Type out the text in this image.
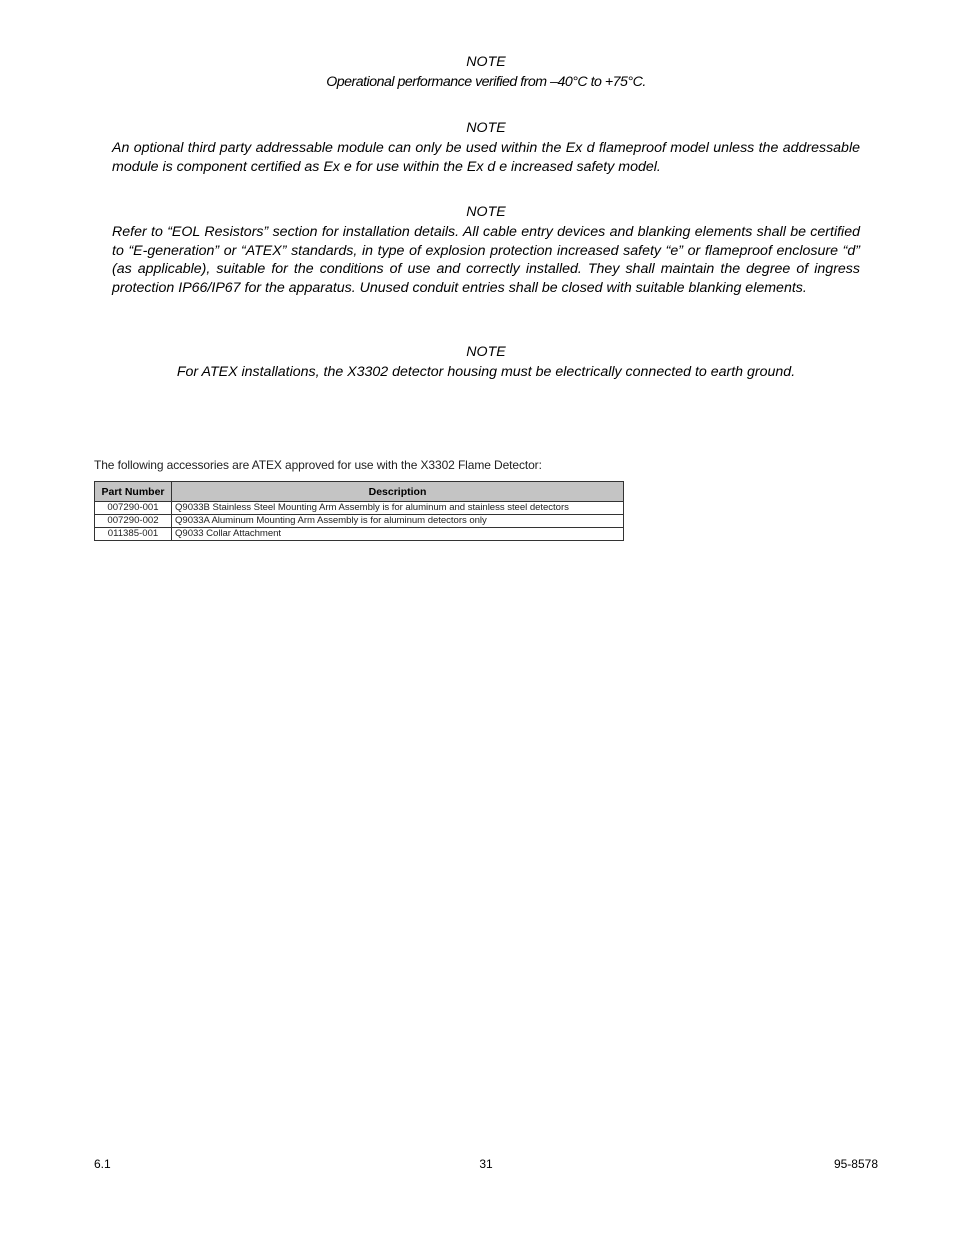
NOTE
Operational performance verified from –40°C to +75°C.
NOTE
An optional third party addressable module can only be used within the Ex d flameproof model unless the addressable module is component certified as Ex e for use within the Ex d e increased safety model.
NOTE
Refer to “EOL Resistors” section for installation details. All cable entry devices and blanking elements shall be certified to “E-generation” or “ATEX” standards, in type of explosion protection increased safety “e” or flameproof enclosure “d” (as applicable), suitable for the conditions of use and correctly installed. They shall maintain the degree of ingress protection IP66/IP67 for the apparatus. Unused conduit entries shall be closed with suitable blanking elements.
NOTE
For ATEX installations, the X3302 detector housing must be electrically connected to earth ground.
The following accessories are ATEX approved for use with the X3302 Flame Detector:
Part Number	Description
007290-001	Q9033B Stainless Steel Mounting Arm Assembly is for aluminum and stainless steel detectors
007290-002	Q9033A Aluminum Mounting Arm Assembly is for aluminum detectors only
011385-001	Q9033 Collar Attachment
6.1	31	95-8578
